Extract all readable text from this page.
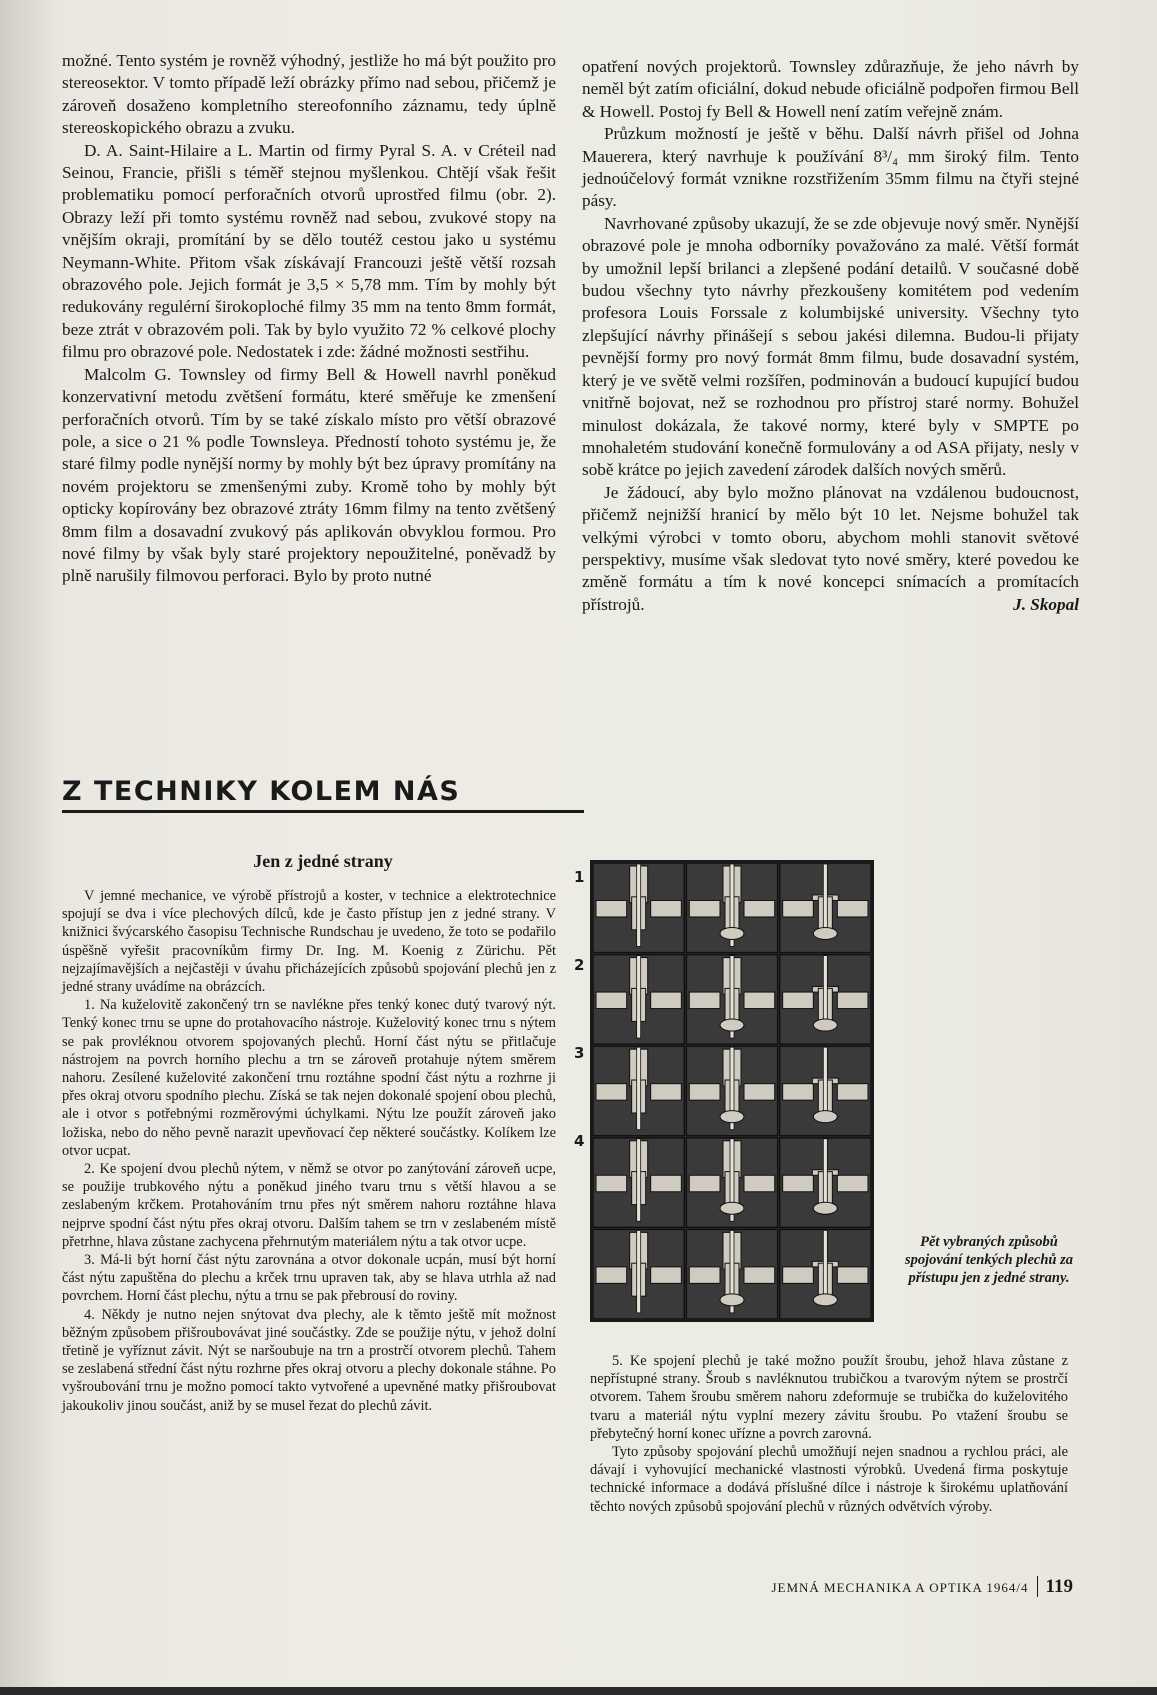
možné. Tento systém je rovněž výhodný, jestliže ho má být použito pro stereosektor. V tomto případě leží obrázky přímo nad sebou, přičemž je zároveň dosaženo kompletního stereofonního záznamu, tedy úplně stereoskopického obrazu a zvuku.

D. A. Saint-Hilaire a L. Martin od firmy Pyral S. A. v Créteil nad Seinou, Francie, přišli s téměř stejnou myšlenkou. Chtějí však řešit problematiku pomocí perforačních otvorů uprostřed filmu (obr. 2). Obrazy leží při tomto systému rovněž nad sebou, zvukové stopy na vnějším okraji, promítání by se dělo toutéž cestou jako u systému Neymann-White. Přitom však získávají Francouzi ještě větší rozsah obrazového pole. Jejich formát je 3,5 × 5,78 mm. Tím by mohly být redukovány regulérní širokoploché filmy 35 mm na tento 8mm formát, beze ztrát v obrazovém poli. Tak by bylo využito 72 % celkové plochy filmu pro obrazové pole. Nedostatek i zde: žádné možnosti sestřihu.

Malcolm G. Townsley od firmy Bell & Howell navrhl poněkud konzervativní metodu zvětšení formátu, které směřuje ke zmenšení perforačních otvorů. Tím by se také získalo místo pro větší obrazové pole, a sice o 21 % podle Townsleya. Předností tohoto systému je, že staré filmy podle nynější normy by mohly být bez úpravy promítány na novém projektoru se zmenšenými zuby. Kromě toho by mohly být opticky kopírovány bez obrazové ztráty 16mm filmy na tento zvětšený 8mm film a dosavadní zvukový pás aplikován obvyklou formou. Pro nové filmy by však byly staré projektory nepoužitelné, poněvadž by plně narušily filmovou perforaci. Bylo by proto nutné

opatření nových projektorů. Townsley zdůrazňuje, že jeho návrh by neměl být zatím oficiální, dokud nebude oficiálně podpořen firmou Bell & Howell. Postoj fy Bell & Howell není zatím veřejně znám.

Průzkum možností je ještě v běhu. Další návrh přišel od Johna Mauerera, který navrhuje k používání 8³/₄ mm široký film. Tento jednoúčelový formát vznikne rozstřižením 35mm filmu na čtyři stejné pásy.

Navrhované způsoby ukazují, že se zde objevuje nový směr. Nynější obrazové pole je mnoha odborníky považováno za malé. Větší formát by umožnil lepší brilanci a zlepšené podání detailů. V současné době budou všechny tyto návrhy přezkoušeny komitétem pod vedením profesora Louis Forssale z kolumbijské university. Všechny tyto zlepšující návrhy přinášejí s sebou jakési dilemna. Budou-li přijaty pevnější formy pro nový formát 8mm filmu, bude dosavadní systém, který je ve světě velmi rozšířen, podminován a budoucí kupující budou vnitřně bojovat, než se rozhodnou pro přístroj staré normy. Bohužel minulost dokázala, že takové normy, které byly v SMPTE po mnohaletém studování konečně formulovány a od ASA přijaty, nesly v sobě krátce po jejich zavedení zárodek dalších nových směrů.

Je žádoucí, aby bylo možno plánovat na vzdálenou budoucnost, přičemž nejnižší hranicí by mělo být 10 let. Nejsme bohužel tak velkými výrobci v tomto oboru, abychom mohli stanovit světové perspektivy, musíme však sledovat tyto nové směry, které povedou ke změně formátu a tím k nové koncepci snímacích a promítacích přístrojů.	J. Skopal
Z TECHNIKY KOLEM NÁS
Jen z jedné strany

V jemné mechanice, ve výrobě přístrojů a koster, v technice a elektrotechnice spojují se dva i více plechových dílců, kde je často přístup jen z jedné strany. V knižnici švýcarského časopisu Technische Rundschau je uvedeno, že toto se podařilo úspěšně vyřešit pracovníkům firmy Dr. Ing. M. Koenig z Zürichu. Pět nejzajímavějších a nejčastěji v úvahu přicházejících způsobů spojování plechů jen z jedné strany uvádíme na obrázcích.

1. Na kuželovitě zakončený trn se navlékne přes tenký konec dutý tvarový nýt. Tenký konec trnu se upne do protahovacího nástroje. Kuželovitý konec trnu s nýtem se pak provléknou otvorem spojovaných plechů. Horní část nýtu se přitlačuje nástrojem na povrch horního plechu a trn se zároveň protahuje nýtem směrem nahoru. Zesílené kuželovité zakončení trnu roztáhne spodní část nýtu a rozhrne ji přes okraj otvoru spodního plechu. Získá se tak nejen dokonalé spojení obou plechů, ale i otvor s potřebnými rozměrovými úchylkami. Nýtu lze použít zároveň jako ložiska, nebo do něho pevně narazit upevňovací čep některé součástky. Kolíkem lze otvor ucpat.

2. Ke spojení dvou plechů nýtem, v němž se otvor po zanýtování zároveň ucpe, se použije trubkového nýtu a poněkud jiného tvaru trnu s větší hlavou a se zeslabeným krčkem. Protahováním trnu přes nýt směrem nahoru roztáhne hlava nejprve spodní část nýtu přes okraj otvoru. Dalším tahem se trn v zeslabeném místě přetrhne, hlava zůstane zachycena přehrnutým materiálem nýtu a tak otvor ucpe.

3. Má-li být horní část nýtu zarovnána a otvor dokonale ucpán, musí být horní část nýtu zapuštěna do plechu a krček trnu upraven tak, aby se hlava utrhla až nad povrchem. Horní část plechu, nýtu a trnu se pak přebrousí do roviny.

4. Někdy je nutno nejen snýtovat dva plechy, ale k těmto ještě mít možnost běžným způsobem přišroubovávat jiné součástky. Zde se použije nýtu, v jehož dolní třetině je vyříznut závit. Nýt se naršoubuje na trn a prostrčí otvorem plechů. Tahem se zeslabená střední část nýtu rozhrne přes okraj otvoru a plechy dokonale stáhne. Po vyšroubování trnu je možno pomocí takto vytvořené a upevněné matky přišroubovat jakoukoliv jinou součást, aniž by se musel řezat do plechů závit.

1
2
3
4
Pět vybraných způsobů spojování tenkých plechů za přístupu jen z jedné strany.

5. Ke spojení plechů je také možno použít šroubu, jehož hlava zůstane z nepřístupné strany. Šroub s navléknutou trubičkou a tvarovým nýtem se prostrčí otvorem. Tahem šroubu směrem nahoru zdeformuje se trubička do kuželovitého tvaru a materiál nýtu vyplní mezery závitu šroubu. Po vtažení šroubu se přebytečný horní konec uřízne a povrch zarovná.

Tyto způsoby spojování plechů umožňují nejen snadnou a rychlou práci, ale dávají i vyhovující mechanické vlastnosti výrobků. Uvedená firma poskytuje technické informace a dodává příslušné dílce i nástroje k širokému uplatňování těchto nových způsobů spojování plechů v různých odvětvích výroby.

JEMNÁ MECHANIKA A OPTIKA 1964/4 119
